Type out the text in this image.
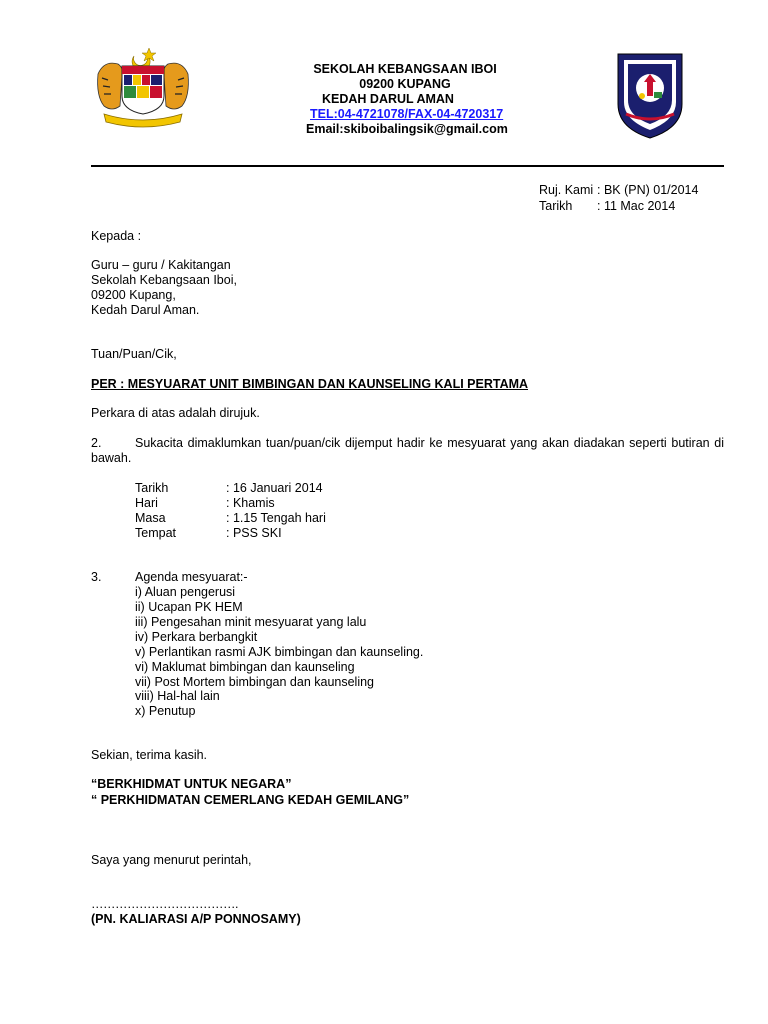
SEKOLAH KEBANGSAAN IBOI
09200 KUPANG
KEDAH DARUL AMAN
TEL:04-4721078/FAX-04-4720317
Email:skiboibalingsik@gmail.com
Ruj. Kami : BK (PN) 01/2014
Tarikh : 11 Mac 2014
Kepada :
Guru – guru / Kakitangan
Sekolah Kebangsaan Iboi,
09200 Kupang,
Kedah Darul Aman.
Tuan/Puan/Cik,
PER : MESYUARAT UNIT BIMBINGAN DAN KAUNSELING KALI PERTAMA
Perkara di atas adalah dirujuk.
2.	Sukacita dimaklumkan tuan/puan/cik dijemput hadir ke mesyuarat yang akan diadakan seperti butiran di bawah.
Tarikh	: 16 Januari 2014
Hari	: Khamis
Masa	: 1.15 Tengah hari
Tempat	: PSS SKI
3.	Agenda mesyuarat:-
i) Aluan pengerusi
ii) Ucapan PK HEM
iii) Pengesahan minit mesyuarat yang lalu
iv) Perkara berbangkit
v) Perlantikan rasmi AJK bimbingan dan kaunseling.
vi) Maklumat bimbingan dan kaunseling
vii) Post Mortem bimbingan dan kaunseling
viii) Hal-hal lain
x) Penutup
Sekian, terima kasih.
“BERKHIDMAT UNTUK NEGARA”
“ PERKHIDMATAN CEMERLANG KEDAH GEMILANG”
Saya yang menurut perintah,
……………………………….
(PN. KALIARASI A/P PONNOSAMY)
